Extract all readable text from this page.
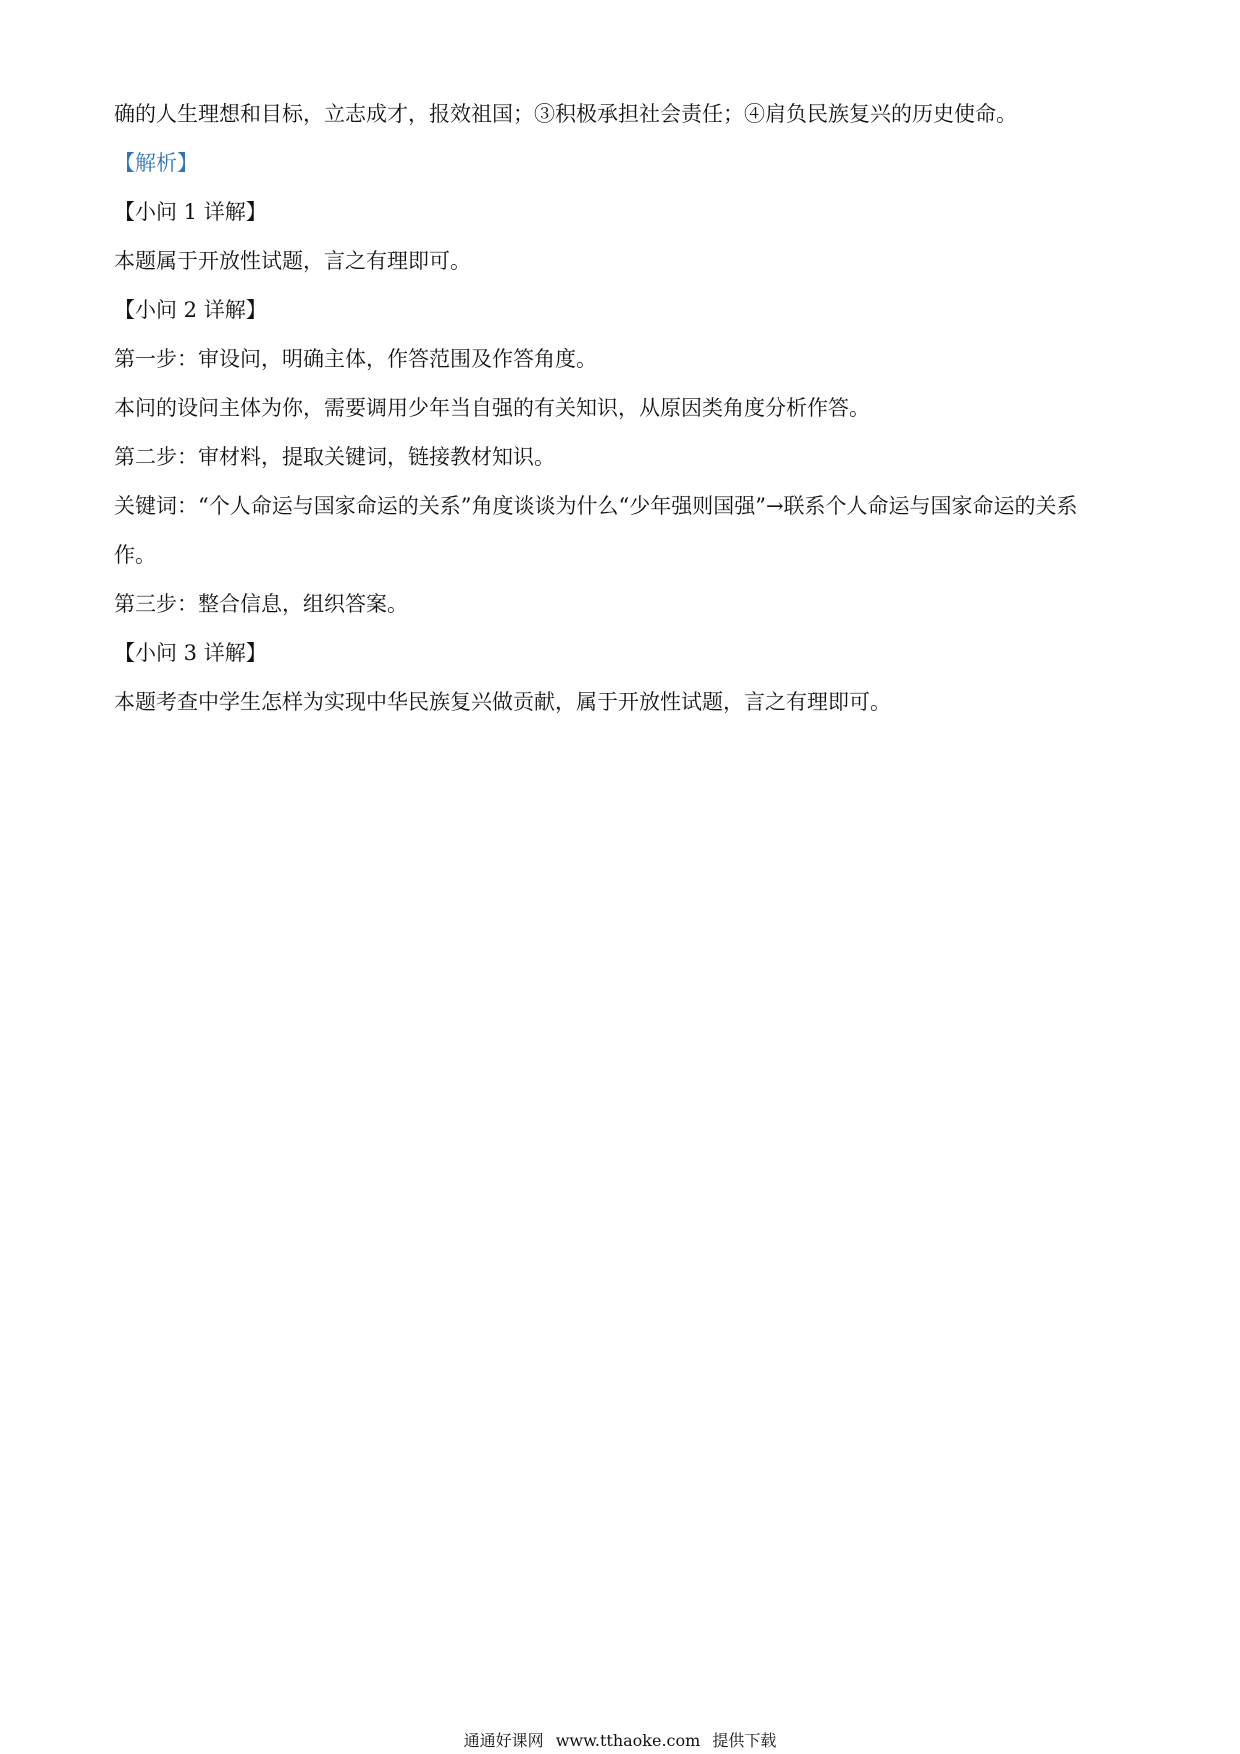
确的人生理想和目标，立志成才，报效祖国；③积极承担社会责任；④肩负民族复兴的历史使命。
【解析】
【小问 1 详解】
本题属于开放性试题，言之有理即可。
【小问 2 详解】
第一步：审设问，明确主体，作答范围及作答角度。
本问的设问主体为你，需要调用少年当自强的有关知识，从原因类角度分析作答。
第二步：审材料，提取关键词，链接教材知识。
关键词：“个人命运与国家命运的关系”角度谈谈为什么“少年强则国强”→联系个人命运与国家命运的关系
作。
第三步：整合信息，组织答案。
【小问 3 详解】
本题考查中学生怎样为实现中华民族复兴做贡献，属于开放性试题，言之有理即可。
通通好课网 www.tthaoke.com 提供下载
